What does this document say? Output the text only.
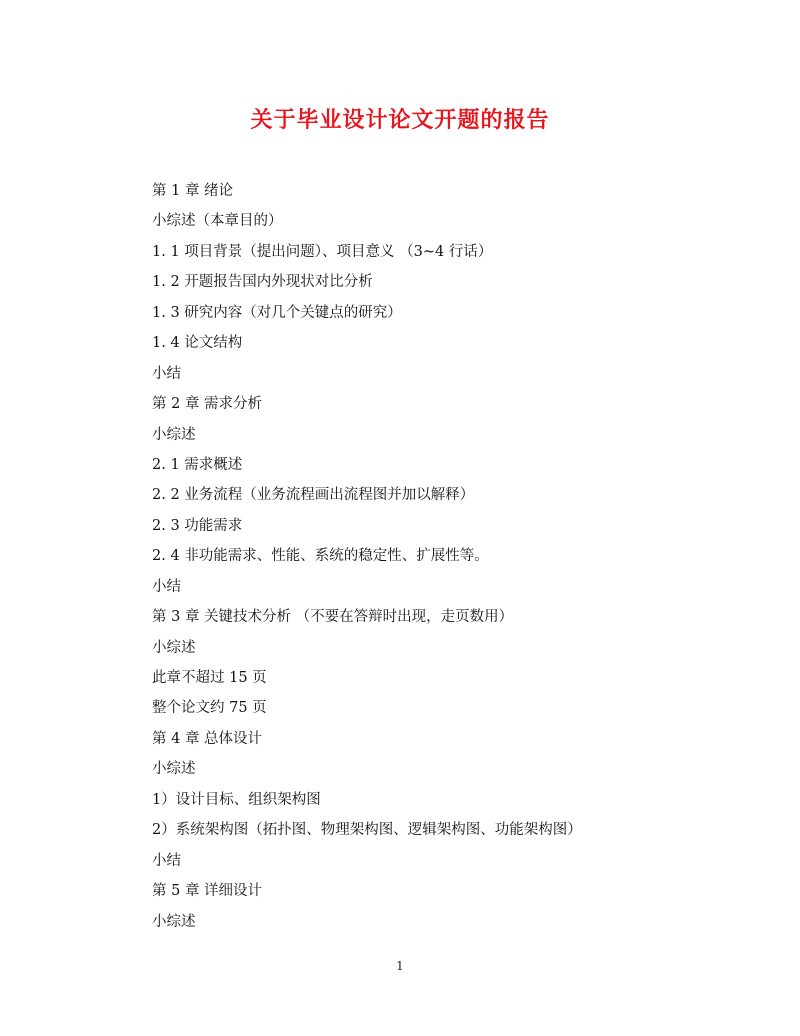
关于毕业设计论文开题的报告
第 1 章 绪论
小综述（本章目的）
1. 1 项目背景（提出问题）、项目意义 （3~4 行话）
1. 2 开题报告国内外现状对比分析
1. 3 研究内容（对几个关键点的研究）
1. 4 论文结构
小结
第 2 章 需求分析
小综述
2. 1 需求概述
2. 2 业务流程（业务流程画出流程图并加以解释）
2. 3 功能需求
2. 4 非功能需求、性能、系统的稳定性、扩展性等。
小结
第 3 章 关键技术分析 （不要在答辩时出现，走页数用）
小综述
此章不超过 15 页
整个论文约 75 页
第 4 章 总体设计
小综述
1）设计目标、组织架构图
2）系统架构图（拓扑图、物理架构图、逻辑架构图、功能架构图）
小结
第 5 章 详细设计
小综述
1
